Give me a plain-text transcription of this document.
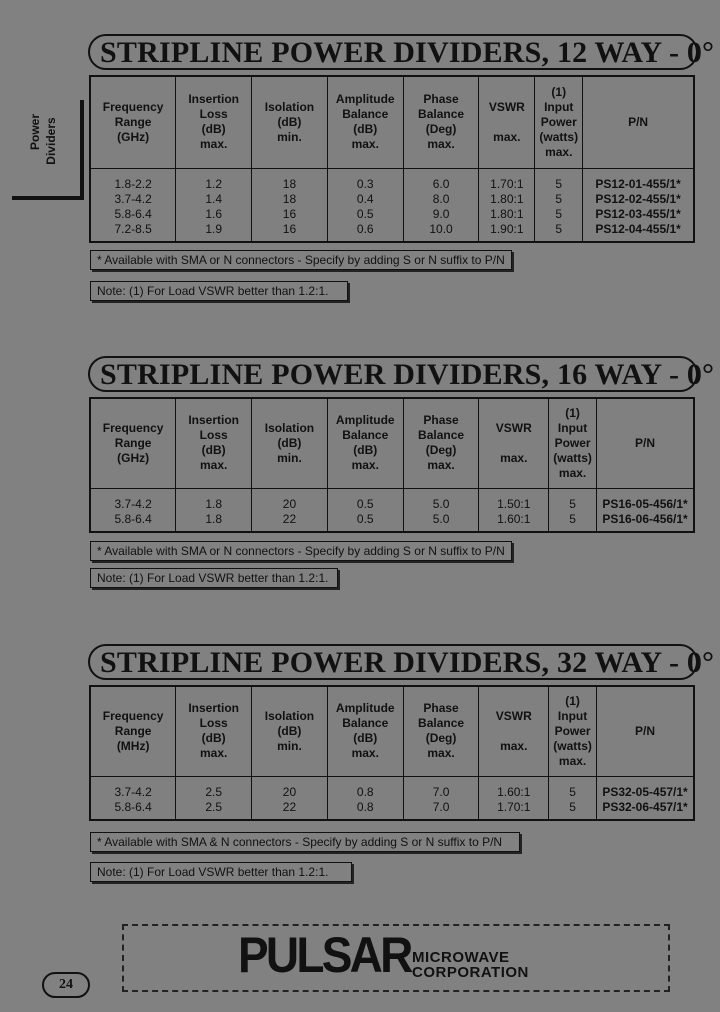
Power Dividers
STRIPLINE POWER DIVIDERS, 12 WAY - 0°
Frequency
Range
(GHz)	Insertion
Loss
(dB)
max.	Isolation
(dB)
min.	Amplitude
Balance
(dB)
max.	Phase
Balance
(Deg)
max.	VSWR

max.	(1)
Input
Power
(watts)
max.	P/N
1.8-2.2	1.2	18	0.3	6.0	1.70:1	5	PS12-01-455/1*
3.7-4.2	1.4	18	0.4	8.0	1.80:1	5	PS12-02-455/1*
5.8-6.4	1.6	16	0.5	9.0	1.80:1	5	PS12-03-455/1*
7.2-8.5	1.9	16	0.6	10.0	1.90:1	5	PS12-04-455/1*
* Available with SMA or N connectors - Specify by adding S or N suffix to P/N
Note: (1) For Load VSWR better than 1.2:1.
STRIPLINE POWER DIVIDERS, 16 WAY - 0°
Frequency
Range
(GHz)	Insertion
Loss
(dB)
max.	Isolation
(dB)
min.	Amplitude
Balance
(dB)
max.	Phase
Balance
(Deg)
max.	VSWR

max.	(1)
Input
Power
(watts)
max.	P/N
3.7-4.2	1.8	20	0.5	5.0	1.50:1	5	PS16-05-456/1*
5.8-6.4	1.8	22	0.5	5.0	1.60:1	5	PS16-06-456/1*
* Available with SMA or N connectors - Specify by adding S or N suffix to P/N
Note: (1) For Load VSWR better than 1.2:1.
STRIPLINE POWER DIVIDERS, 32 WAY - 0°
Frequency
Range
(MHz)	Insertion
Loss
(dB)
max.	Isolation
(dB)
min.	Amplitude
Balance
(dB)
max.	Phase
Balance
(Deg)
max.	VSWR

max.	(1)
Input
Power
(watts)
max.	P/N
3.7-4.2	2.5	20	0.8	7.0	1.60:1	5	PS32-05-457/1*
5.8-6.4	2.5	22	0.8	7.0	1.70:1	5	PS32-06-457/1*
* Available with SMA & N connectors - Specify by adding S or N suffix to P/N
Note: (1) For Load VSWR better than 1.2:1.
PULSAR MICROWAVE
CORPORATION
24
